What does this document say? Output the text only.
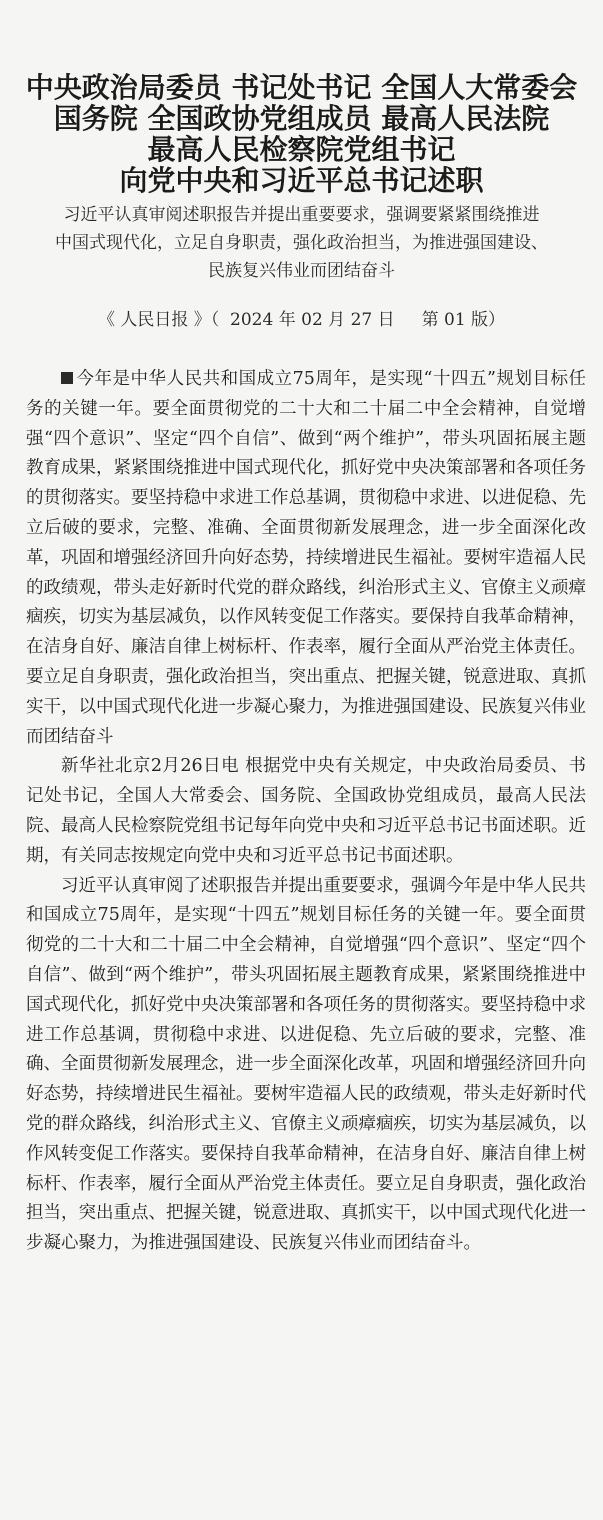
中央政治局委员 书记处书记 全国人大常委会
国务院 全国政协党组成员 最高人民法院
最高人民检察院党组书记
向党中央和习近平总书记述职
习近平认真审阅述职报告并提出重要要求，强调要紧紧围绕推进
中国式现代化，立足自身职责，强化政治担当，为推进强国建设、
民族复兴伟业而团结奋斗
《 人民日报 》（  2024 年 02 月 27 日     第 01 版）

今年是中华人民共和国成立75周年，是实现“十四五”规划目标任务的关键一年。要全面贯彻党的二十大和二十届二中全会精神，自觉增强“四个意识”、坚定“四个自信”、做到“两个维护”，带头巩固拓展主题教育成果，紧紧围绕推进中国式现代化，抓好党中央决策部署和各项任务的贯彻落实。要坚持稳中求进工作总基调，贯彻稳中求进、以进促稳、先立后破的要求，完整、准确、全面贯彻新发展理念，进一步全面深化改革，巩固和增强经济回升向好态势，持续增进民生福祉。要树牢造福人民的政绩观，带头走好新时代党的群众路线，纠治形式主义、官僚主义顽瘴痼疾，切实为基层减负，以作风转变促工作落实。要保持自我革命精神，在洁身自好、廉洁自律上树标杆、作表率，履行全面从严治党主体责任。要立足自身职责，强化政治担当，突出重点、把握关键，锐意进取、真抓实干，以中国式现代化进一步凝心聚力，为推进强国建设、民族复兴伟业而团结奋斗

新华社北京2月26日电 根据党中央有关规定，中央政治局委员、书记处书记，全国人大常委会、国务院、全国政协党组成员，最高人民法院、最高人民检察院党组书记每年向党中央和习近平总书记书面述职。近期，有关同志按规定向党中央和习近平总书记书面述职。

习近平认真审阅了述职报告并提出重要要求，强调今年是中华人民共和国成立75周年，是实现“十四五”规划目标任务的关键一年。要全面贯彻党的二十大和二十届二中全会精神，自觉增强“四个意识”、坚定“四个自信”、做到“两个维护”，带头巩固拓展主题教育成果，紧紧围绕推进中国式现代化，抓好党中央决策部署和各项任务的贯彻落实。要坚持稳中求进工作总基调，贯彻稳中求进、以进促稳、先立后破的要求，完整、准确、全面贯彻新发展理念，进一步全面深化改革，巩固和增强经济回升向好态势，持续增进民生福祉。要树牢造福人民的政绩观，带头走好新时代党的群众路线，纠治形式主义、官僚主义顽瘴痼疾，切实为基层减负，以作风转变促工作落实。要保持自我革命精神，在洁身自好、廉洁自律上树标杆、作表率，履行全面从严治党主体责任。要立足自身职责，强化政治担当，突出重点、把握关键，锐意进取、真抓实干，以中国式现代化进一步凝心聚力，为推进强国建设、民族复兴伟业而团结奋斗。
